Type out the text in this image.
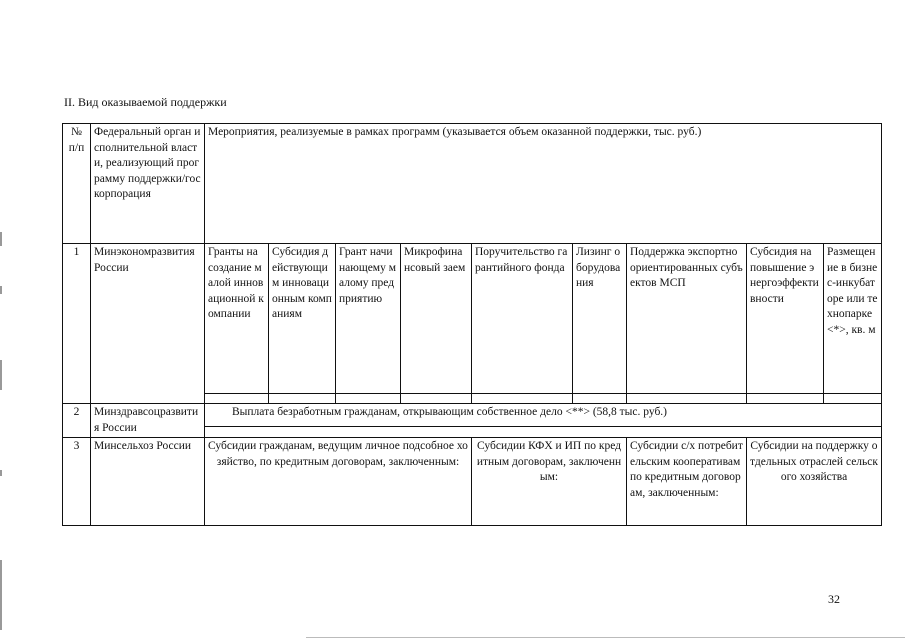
II. Вид оказываемой поддержки
№ п/п	Федеральный орган исполнительной власти, реализующий программу поддержки/госкорпорация	Мероприятия, реализуемые в рамках программ (указывается объем оказанной поддержки, тыс. руб.)								
1	Минэкономразвития России	Гранты на создание малой инновационной компании	Субсидия действующим инновационным компаниям	Грант начинающему малому предприятию	Микрофинансовый заем	Поручительство гарантийного фонда	Лизинг оборудования	Поддержка экспортно ориентированных субъектов МСП	Субсидия на повышение энергоэффективности	Размещение в бизнес-инкубаторе или технопарке <*>, кв. м

2	Минздравсоцразвития России	Выплата безработным гражданам, открывающим собственное дело <**> (58,8 тыс. руб.)								

3	Минсельхоз России	Субсидии гражданам, ведущим личное подсобное хозяйство, по кредитным договорам, заключенным:				Субсидии КФХ и ИП по кредитным договорам, заключенным:		Субсидии с/х потребительским кооперативам по кредитным договорам, заключенным:	Субсидии на поддержку отдельных отраслей сельского хозяйства	
32
